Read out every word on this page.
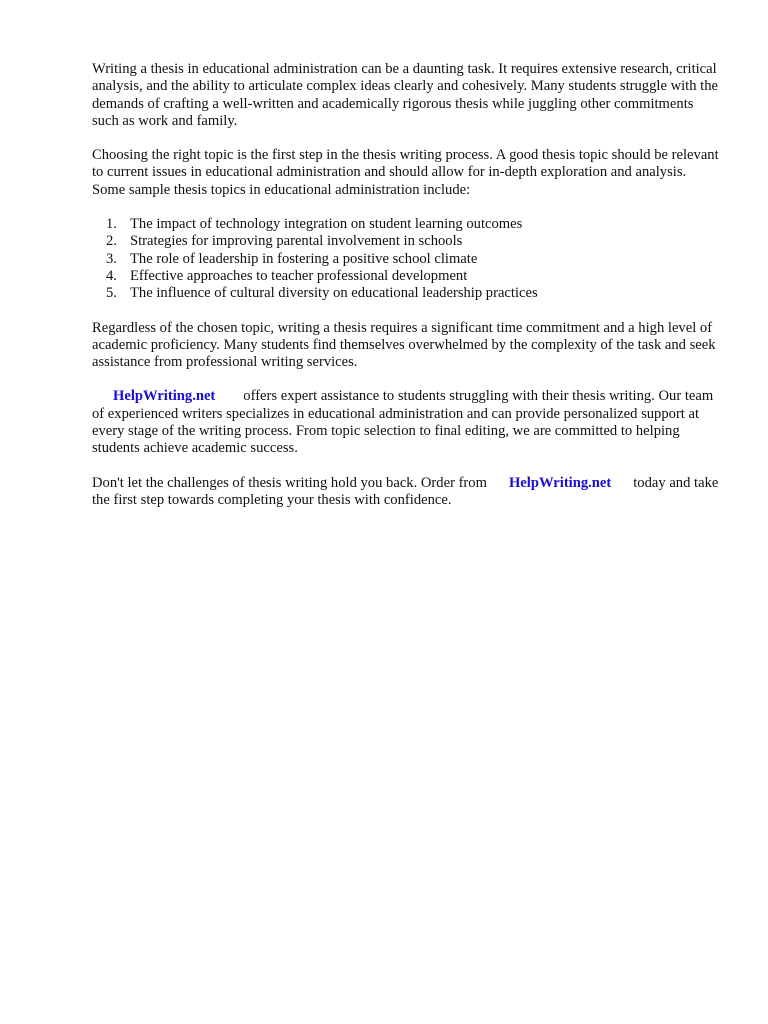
Writing a thesis in educational administration can be a daunting task. It requires extensive research, critical analysis, and the ability to articulate complex ideas clearly and cohesively. Many students struggle with the demands of crafting a well-written and academically rigorous thesis while juggling other commitments such as work and family.

Choosing the right topic is the first step in the thesis writing process. A good thesis topic should be relevant to current issues in educational administration and should allow for in-depth exploration and analysis. Some sample thesis topics in educational administration include:

1. The impact of technology integration on student learning outcomes
2. Strategies for improving parental involvement in schools
3. The role of leadership in fostering a positive school climate
4. Effective approaches to teacher professional development
5. The influence of cultural diversity on educational leadership practices

Regardless of the chosen topic, writing a thesis requires a significant time commitment and a high level of academic proficiency. Many students find themselves overwhelmed by the complexity of the task and seek assistance from professional writing services.

HelpWriting.net offers expert assistance to students struggling with their thesis writing. Our team of experienced writers specializes in educational administration and can provide personalized support at every stage of the writing process. From topic selection to final editing, we are committed to helping students achieve academic success.

Don't let the challenges of thesis writing hold you back. Order from HelpWriting.net today and take the first step towards completing your thesis with confidence.
